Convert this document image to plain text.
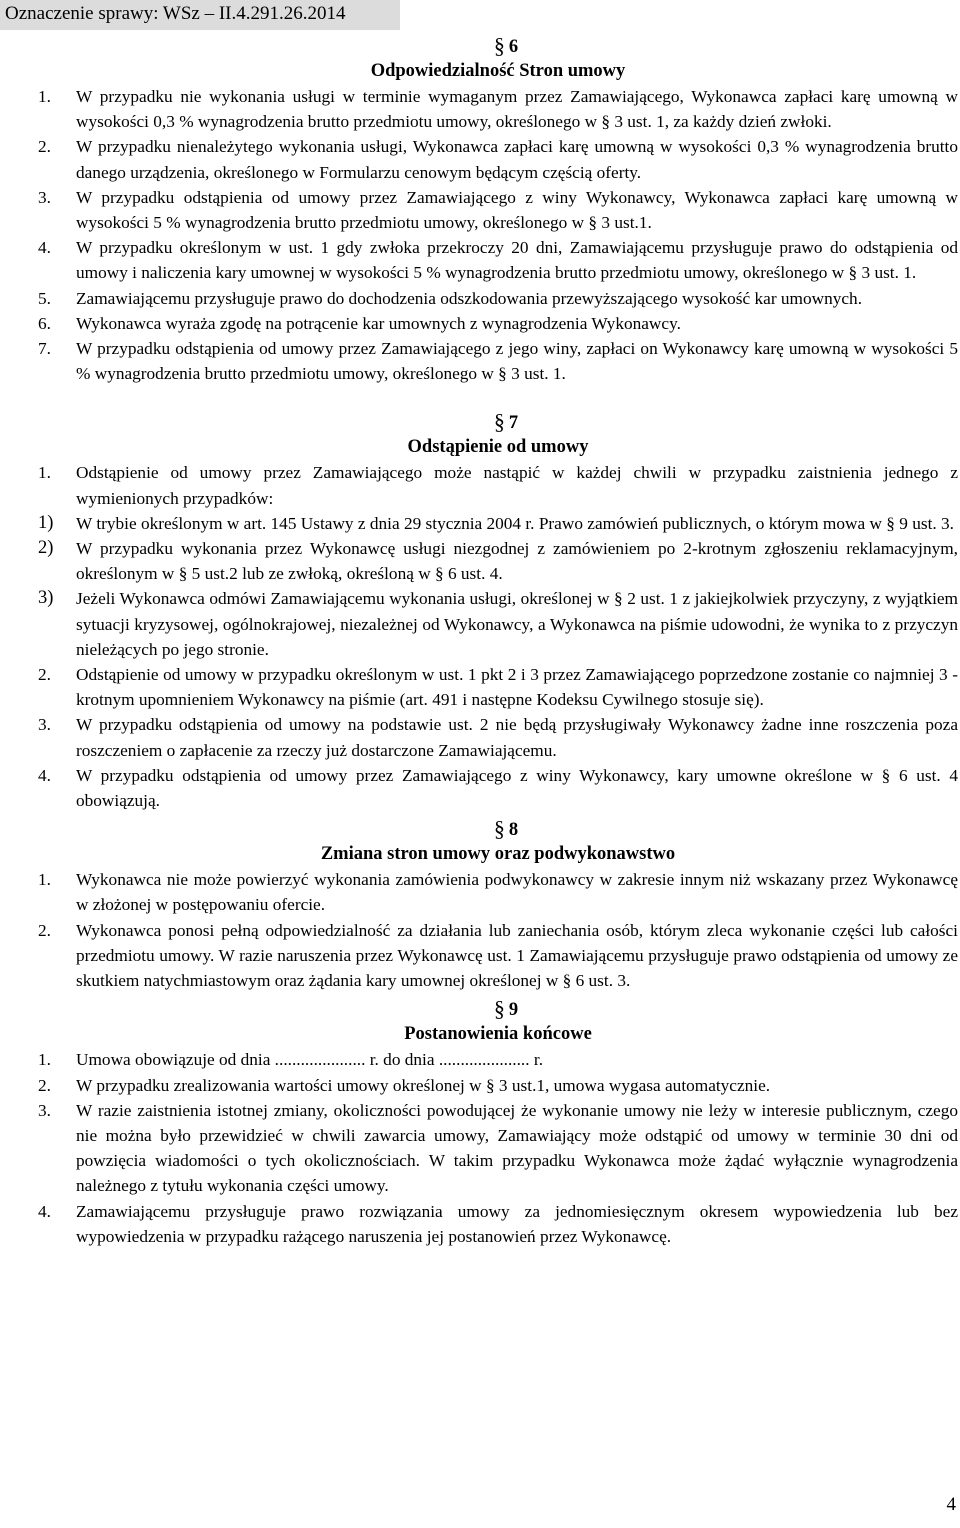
Oznaczenie sprawy: WSz – II.4.291.26.2014
§ 6
Odpowiedzialność Stron umowy
1.	W przypadku nie wykonania usługi w terminie wymaganym przez Zamawiającego, Wykonawca zapłaci karę umowną w wysokości 0,3 % wynagrodzenia brutto przedmiotu umowy, określonego w § 3 ust. 1, za każdy dzień zwłoki.
2.	W przypadku nienależytego wykonania usługi, Wykonawca zapłaci karę umowną w wysokości 0,3 % wynagrodzenia brutto danego urządzenia, określonego w Formularzu cenowym będącym częścią oferty.
3.	W przypadku odstąpienia od umowy przez Zamawiającego z winy Wykonawcy, Wykonawca zapłaci karę umowną w wysokości 5 % wynagrodzenia brutto przedmiotu umowy, określonego w § 3 ust.1.
4.	W przypadku określonym w ust. 1 gdy zwłoka przekroczy 20 dni, Zamawiającemu przysługuje prawo do odstąpienia od umowy i naliczenia kary umownej w wysokości 5 % wynagrodzenia brutto przedmiotu umowy, określonego w § 3 ust. 1.
5.	Zamawiającemu przysługuje prawo do dochodzenia odszkodowania przewyższającego wysokość kar umownych.
6.	Wykonawca wyraża zgodę na potrącenie kar umownych z wynagrodzenia Wykonawcy.
7.	W przypadku odstąpienia od umowy przez Zamawiającego z jego winy, zapłaci on Wykonawcy karę umowną w wysokości 5 % wynagrodzenia brutto przedmiotu umowy, określonego w § 3 ust. 1.
§ 7
Odstąpienie od umowy
1.	Odstąpienie od umowy przez Zamawiającego może nastąpić w każdej chwili w przypadku zaistnienia jednego z wymienionych przypadków:
1)	W trybie określonym w art. 145 Ustawy z dnia 29 stycznia 2004 r. Prawo zamówień publicznych, o którym mowa w § 9 ust. 3.
2)	W przypadku wykonania przez Wykonawcę usługi niezgodnej z zamówieniem po 2-krotnym zgłoszeniu reklamacyjnym, określonym w § 5 ust.2 lub ze zwłoką, określoną w § 6 ust. 4.
3)	Jeżeli Wykonawca odmówi Zamawiającemu wykonania usługi, określonej w § 2 ust. 1 z jakiejkolwiek przyczyny, z wyjątkiem sytuacji kryzysowej, ogólnokrajowej, niezależnej od Wykonawcy, a Wykonawca na piśmie udowodni, że wynika to z przyczyn nieleżących po jego stronie.
2.	Odstąpienie od umowy w przypadku określonym w ust. 1 pkt 2 i 3 przez Zamawiającego poprzedzone zostanie co najmniej 3 - krotnym upomnieniem Wykonawcy na piśmie (art. 491 i następne Kodeksu Cywilnego stosuje się).
3.	W przypadku odstąpienia od umowy na podstawie ust. 2 nie będą przysługiwały Wykonawcy żadne inne roszczenia poza roszczeniem o zapłacenie za rzeczy już dostarczone Zamawiającemu.
4.	W przypadku odstąpienia od umowy przez Zamawiającego z winy Wykonawcy, kary umowne określone w § 6 ust. 4 obowiązują.
§ 8
Zmiana stron umowy oraz podwykonawstwo
1.	Wykonawca nie może powierzyć wykonania zamówienia podwykonawcy w zakresie innym niż wskazany przez Wykonawcę w złożonej w postępowaniu ofercie.
2.	Wykonawca ponosi pełną odpowiedzialność za działania lub zaniechania osób, którym zleca wykonanie części lub całości przedmiotu umowy. W razie naruszenia przez Wykonawcę ust. 1 Zamawiającemu przysługuje prawo odstąpienia od umowy ze skutkiem natychmiastowym oraz żądania kary umownej określonej w § 6 ust. 3.
§ 9
Postanowienia końcowe
1.	Umowa obowiązuje od dnia ..................... r. do dnia ..................... r.
2.	W przypadku zrealizowania wartości umowy określonej w § 3 ust.1, umowa wygasa automatycznie.
3.	W razie zaistnienia istotnej zmiany, okoliczności powodującej że wykonanie umowy nie leży w interesie publicznym, czego nie można było przewidzieć w chwili zawarcia umowy, Zamawiający może odstąpić od umowy w terminie 30 dni od powzięcia wiadomości o tych okolicznościach. W takim przypadku Wykonawca może żądać wyłącznie wynagrodzenia należnego z tytułu wykonania części umowy.
4.	Zamawiającemu przysługuje prawo rozwiązania umowy za jednomiesięcznym okresem wypowiedzenia lub bez wypowiedzenia w przypadku rażącego naruszenia jej postanowień przez Wykonawcę.
4
